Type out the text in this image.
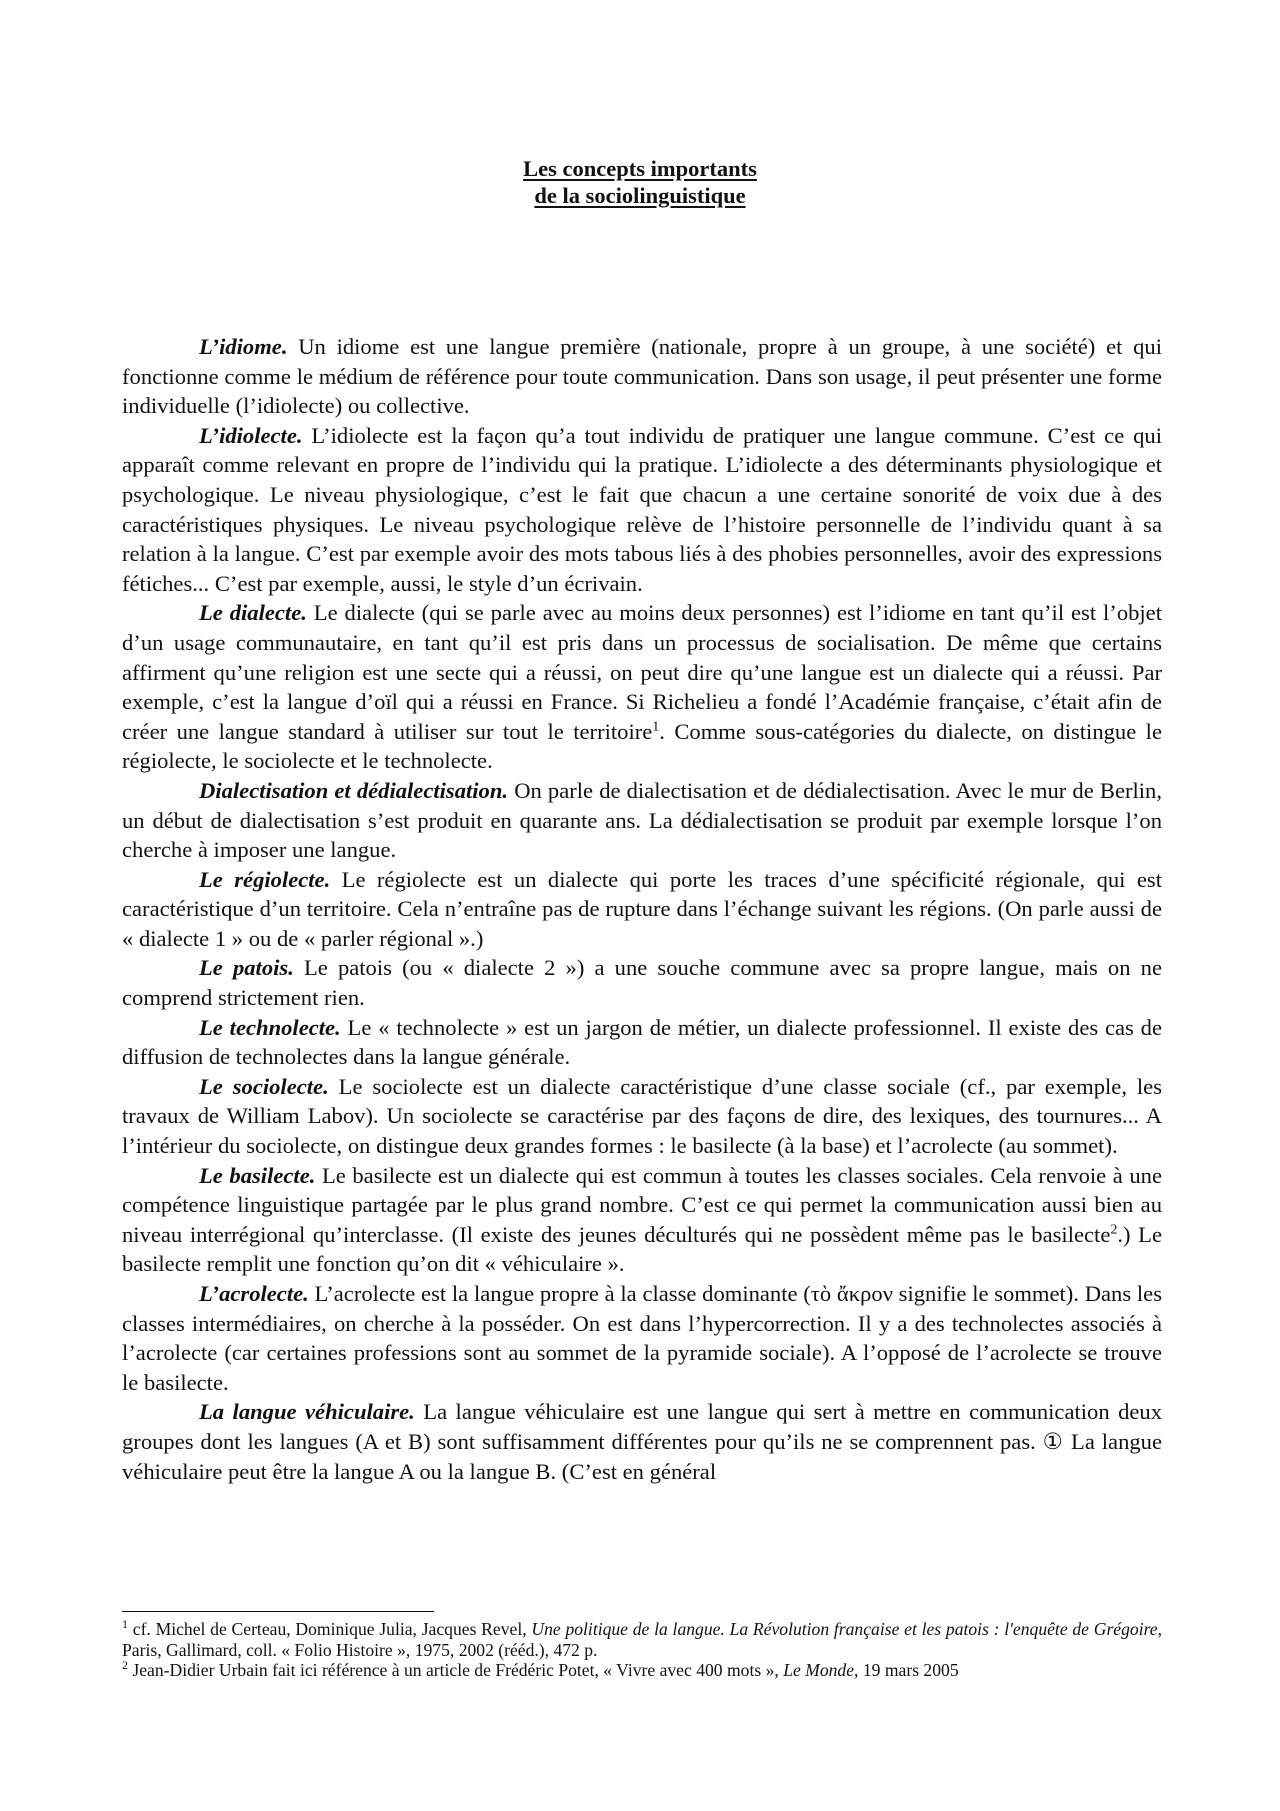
Les concepts importants
de la sociolinguistique

L’idiome. Un idiome est une langue première (nationale, propre à un groupe, à une société) et qui fonctionne comme le médium de référence pour toute communication. Dans son usage, il peut présenter une forme individuelle (l’idiolecte) ou collective.

L’idiolecte. L’idiolecte est la façon qu’a tout individu de pratiquer une langue commune. C’est ce qui apparaît comme relevant en propre de l’individu qui la pratique. L’idiolecte a des déterminants physiologique et psychologique. Le niveau physiologique, c’est le fait que chacun a une certaine sonorité de voix due à des caractéristiques physiques. Le niveau psychologique relève de l’histoire personnelle de l’individu quant à sa relation à la langue. C’est par exemple avoir des mots tabous liés à des phobies personnelles, avoir des expressions fétiches... C’est par exemple, aussi, le style d’un écrivain.

Le dialecte. Le dialecte (qui se parle avec au moins deux personnes) est l’idiome en tant qu’il est l’objet d’un usage communautaire, en tant qu’il est pris dans un processus de socialisation. De même que certains affirment qu’une religion est une secte qui a réussi, on peut dire qu’une langue est un dialecte qui a réussi. Par exemple, c’est la langue d’oïl qui a réussi en France. Si Richelieu a fondé l’Académie française, c’était afin de créer une langue standard à utiliser sur tout le territoire$^1$. Comme sous-catégories du dialecte, on distingue le régiolecte, le sociolecte et le technolecte.

Dialectisation et dédialectisation. On parle de dialectisation et de dédialectisation. Avec le mur de Berlin, un début de dialectisation s’est produit en quarante ans. La dédialectisation se produit par exemple lorsque l’on cherche à imposer une langue.

Le régiolecte. Le régiolecte est un dialecte qui porte les traces d’une spécificité régionale, qui est caractéristique d’un territoire. Cela n’entraîne pas de rupture dans l’échange suivant les régions. (On parle aussi de « dialecte 1 » ou de « parler régional ».)

Le patois. Le patois (ou « dialecte 2 ») a une souche commune avec sa propre langue, mais on ne comprend strictement rien.

Le technolecte. Le « technolecte » est un jargon de métier, un dialecte professionnel. Il existe des cas de diffusion de technolectes dans la langue générale.

Le sociolecte. Le sociolecte est un dialecte caractéristique d’une classe sociale (cf., par exemple, les travaux de William Labov). Un sociolecte se caractérise par des façons de dire, des lexiques, des tournures... A l’intérieur du sociolecte, on distingue deux grandes formes : le basilecte (à la base) et l’acrolecte (au sommet).

Le basilecte. Le basilecte est un dialecte qui est commun à toutes les classes sociales. Cela renvoie à une compétence linguistique partagée par le plus grand nombre. C’est ce qui permet la communication aussi bien au niveau interrégional qu’interclasse. (Il existe des jeunes déculturés qui ne possèdent même pas le basilecte$^2$.) Le basilecte remplit une fonction qu’on dit « véhiculaire ».

L’acrolecte. L’acrolecte est la langue propre à la classe dominante (τὸ ἄκρον signifie le sommet). Dans les classes intermédiaires, on cherche à la posséder. On est dans l’hypercorrection. Il y a des technolectes associés à l’acrolecte (car certaines professions sont au sommet de la pyramide sociale). A l’opposé de l’acrolecte se trouve le basilecte.

La langue véhiculaire. La langue véhiculaire est une langue qui sert à mettre en communication deux groupes dont les langues (A et B) sont suffisamment différentes pour qu’ils ne se comprennent pas. ① La langue véhiculaire peut être la langue A ou la langue B. (C’est en général

$^1$ cf. Michel de Certeau, Dominique Julia, Jacques Revel, Une politique de la langue. La Révolution française et les patois : l'enquête de Grégoire, Paris, Gallimard, coll. « Folio Histoire », 1975, 2002 (rééd.), 472 p.

$^2$ Jean-Didier Urbain fait ici référence à un article de Frédéric Potet, « Vivre avec 400 mots », Le Monde, 19 mars 2005
